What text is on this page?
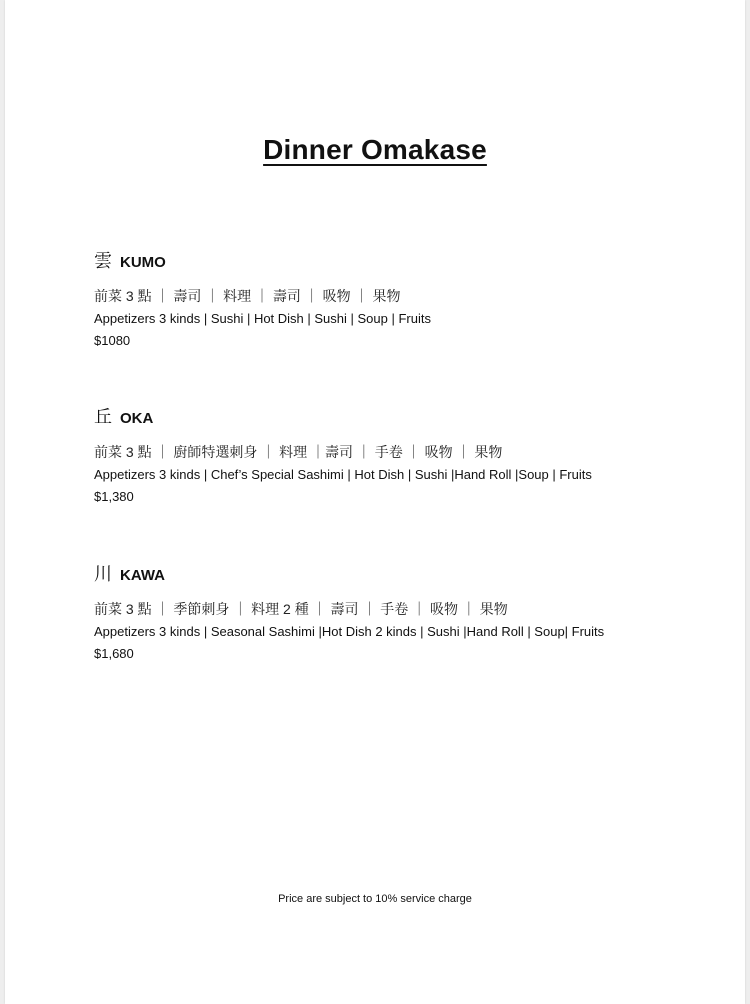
Dinner Omakase
雲 KUMO
前菜 3 點 ｜ 壽司 ｜ 料理 ｜ 壽司 ｜ 吸物 ｜ 果物
Appetizers 3 kinds | Sushi | Hot Dish | Sushi | Soup | Fruits
$1080
丘 OKA
前菜 3 點 ｜ 廚師特選刺身 ｜ 料理 ｜壽司 ｜ 手卷 ｜ 吸物 ｜ 果物
Appetizers 3 kinds | Chef’s Special Sashimi | Hot Dish | Sushi |Hand Roll |Soup | Fruits
$1,380
川 KAWA
前菜 3 點 ｜ 季節刺身 ｜ 料理 2 種 ｜ 壽司 ｜ 手卷 ｜ 吸物 ｜ 果物
Appetizers 3 kinds | Seasonal Sashimi |Hot Dish 2 kinds | Sushi |Hand Roll | Soup| Fruits
$1,680
Price are subject to 10% service charge
